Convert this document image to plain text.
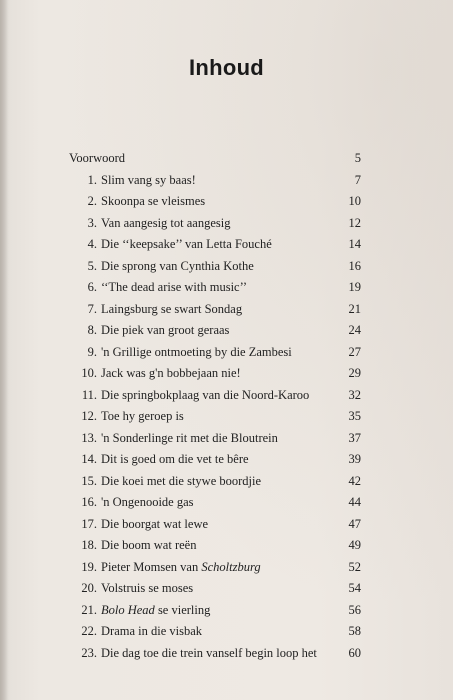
Inhoud
Voorwoord	5
1. Slim vang sy baas!	7
2. Skoonpa se vleismes	10
3. Van aangesig tot aangesig	12
4. Die ‘‘keepsake’’ van Letta Fouché	14
5. Die sprong van Cynthia Kothe	16
6. ‘‘The dead arise with music’’	19
7. Laingsburg se swart Sondag	21
8. Die piek van groot geraas	24
9. 'n Grillige ontmoeting by die Zambesi	27
10. Jack was g'n bobbejaan nie!	29
11. Die springbokplaag van die Noord-Karoo	32
12. Toe hy geroep is	35
13. 'n Sonderlinge rit met die Bloutrein	37
14. Dit is goed om die vet te bêre	39
15. Die koei met die stywe boordjie	42
16. 'n Ongenooide gas	44
17. Die boorgat wat lewe	47
18. Die boom wat reën	49
19. Pieter Momsen van Scholtzburg	52
20. Volstruis se moses	54
21. Bolo Head se vierling	56
22. Drama in die visbak	58
23. Die dag toe die trein vanself begin loop het	60
